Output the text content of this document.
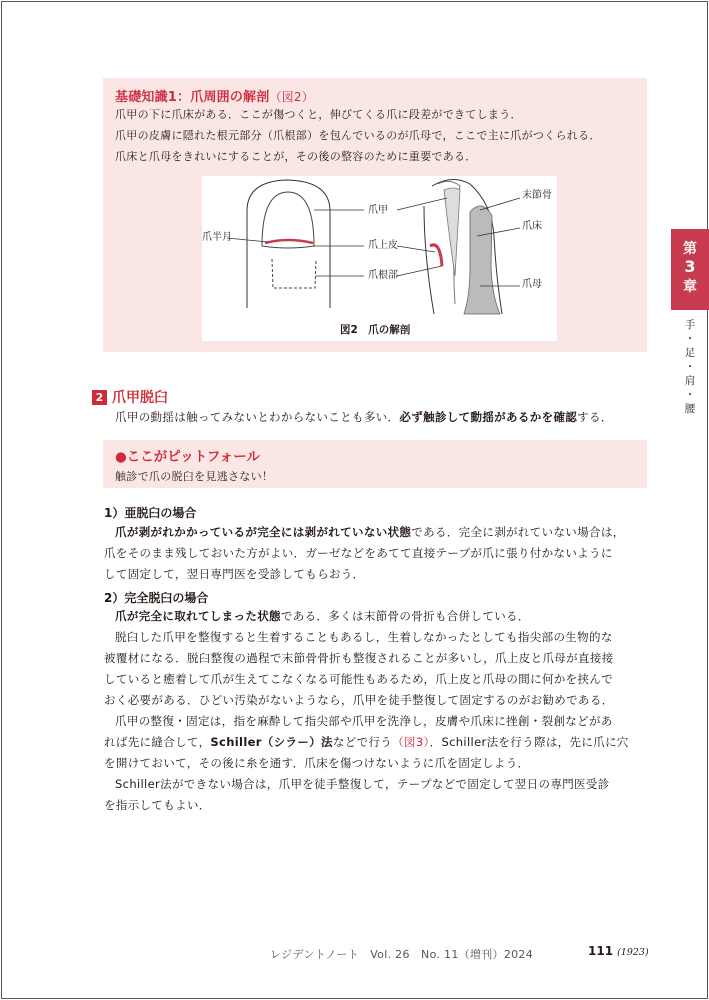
基礎知識1：爪周囲の解剖（図2）

爪甲の下に爪床がある．ここが傷つくと，伸びてくる爪に段差ができてしまう．

爪甲の皮膚に隠れた根元部分（爪根部）を包んでいるのが爪母で，ここで主に爪がつくられる．

爪床と爪母をきれいにすることが，その後の整容のために重要である．

爪甲
爪半月
爪上皮
爪根部
末節骨
爪床
爪母
図2　爪の解剖
2 爪甲脱臼
爪甲の動揺は触ってみないとわからないことも多い．必ず触診して動揺があるかを確認する．
●ここがピットフォール
触診で爪の脱臼を見逃さない！
1）亜脱臼の場合
爪が剥がれかかっているが完全には剥がれていない状態である．完全に剥がれていない場合は，
爪をそのまま残しておいた方がよい．ガーゼなどをあてて直接テープが爪に張り付かないように
して固定して，翌日専門医を受診してもらおう．
2）完全脱臼の場合
爪が完全に取れてしまった状態である．多くは末節骨の骨折も合併している．
脱臼した爪甲を整復すると生着することもあるし，生着しなかったとしても指尖部の生物的な
被覆材になる．脱臼整復の過程で末節骨骨折も整復されることが多いし，爪上皮と爪母が直接接
していると癒着して爪が生えてこなくなる可能性もあるため，爪上皮と爪母の間に何かを挟んで
おく必要がある．ひどい汚染がないようなら，爪甲を徒手整復して固定するのがお勧めである．
爪甲の整復・固定は，指を麻酔して指尖部や爪甲を洗浄し，皮膚や爪床に挫創・裂創などがあ
れば先に縫合して，Schiller（シラー）法などで行う（図3）．Schiller法を行う際は，先に爪に穴
を開けておいて，その後に糸を通す．爪床を傷つけないように爪を固定しよう．
Schiller法ができない場合は，爪甲を徒手整復して，テープなどで固定して翌日の専門医受診
を指示してもよい．
第
3
章
手
・
足
・
肩
・
腰
レジデントノート　Vol. 26　No. 11（増刊）2024	111 (1923)
